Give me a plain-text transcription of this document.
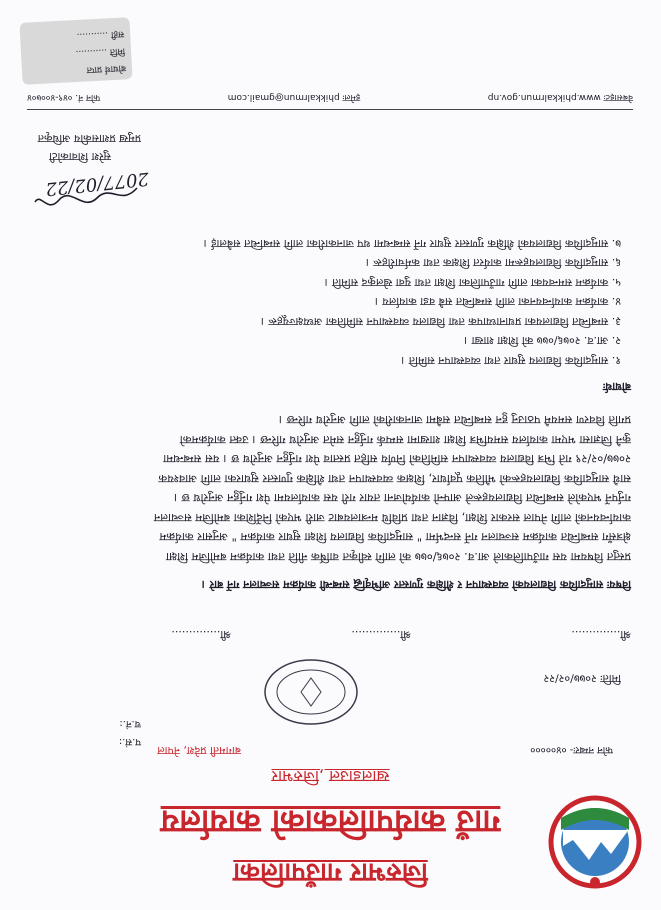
जिरुभार गाउँपालिका
गाउँ कार्यपालिकाको कार्यालय
खालडाउल ,जिरुभार
बागमती प्रदेश, नेपाल
प.सं.:
च.नं.:
फोन नम्बरः- ०४०००००
मितिः २०७७/०२/२२
श्री..............
श्री..............
श्री..............
विषयः सामुदायिक विद्यालयको व्यवस्थापन र शैक्षिक गुणस्तर अभिवृद्धि सम्बन्धी कार्यक्रम सञ्चालन गर्ने बारे ।
प्रस्तुत विषयमा यस गाउँपालिकाले आ.व. २०७६/०७७ को लागि स्वीकृत वार्षिक नीति तथा कार्यक्रम बमोजिम शिक्षा
क्षेत्रसँग सम्बन्धित कार्यक्रम सञ्चालन गर्ने सन्दर्भमा " सामुदायिक विद्यालय शिक्षा सुधार कार्यक्रम " अनुसार कार्यक्रम
कार्यान्वयनको लागि नेपाल सरकार शिक्षा, विज्ञान तथा प्रविधि मन्त्रालयबाट जारी भएको निर्देशिका बमोजिम सञ्चालन
गर्नुपर्ने भएकोले सम्बन्धित विद्यालयहरूले आफ्नो कार्ययोजना तयार गरी यस कार्यालयमा पेश गर्नुहुन अनुरोध छ ।
साथै सामुदायिक विद्यालयहरूको भौतिक पूर्वाधार, शिक्षक व्यवस्थापन तथा शैक्षिक गुणस्तर सुधारका लागि आवश्यक
२०७७/०२/२९ गते भित्र विद्यालय व्यवस्थापन समितिको निर्णय सहित प्रस्ताव पेश गर्नुहुन अनुरोध छ । यस सम्बन्धमा
कुनै जिज्ञासा भएमा कार्यालय समयभित्र शिक्षा शाखामा सम्पर्क गर्नुहुन समेत अनुरोध गरिन्छ । उक्त कार्यक्रमको
प्रगति विवरण समयमै पठाउनु हुन सम्बन्धित सबैमा जानकारीको लागि अनुरोध गरिन्छ ।
बोधार्थः
१. सामुदायिक विद्यालय सुधार तथा व्यवस्थापन समिति ।
२. आ.व. २०७६/०७७ को शिक्षा शाखा ।
३. सम्बन्धित विद्यालयका प्रधानाध्यापक तथा विद्यालय व्यवस्थापन समितिका अध्यक्षज्यूहरू ।
४. कार्यक्रम कार्यान्वयनका लागि सम्बन्धित सबै वडा कार्यालय ।
५. कार्यक्रम समन्वयका लागि गाउँपालिका शिक्षा तथा युवा खेलकुद समिति ।
६. सामुदायिक विद्यालयहरूमा कार्यरत शिक्षक तथा कर्मचारीहरू ।
७. सामुदायिक विद्यालयको शैक्षिक गुणस्तर सुधार गर्ने सम्बन्धमा थप जानकारीका लागि सम्बन्धित सबैलाई ।
2077/02/22
सुरेश शिवाकोटी
प्रमुख प्रशासकीय अधिकृत
वेबसाइटः www.phikkalrmun.gov.np
इमेलः phikkalrmun@gmail.com
फोन नं. ०४९-४००७०४
बोधार्थ प्राप्त
मिति ...........
सही ...........
